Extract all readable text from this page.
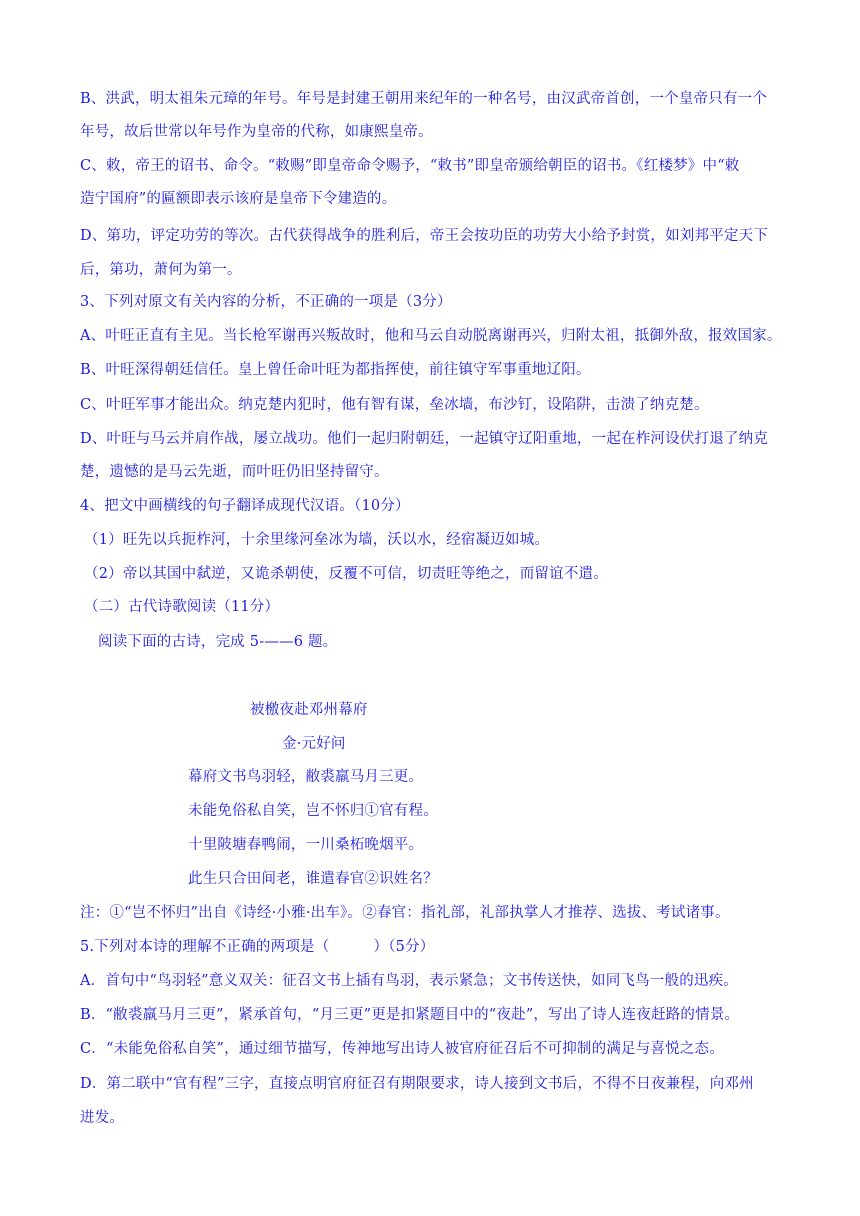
B、洪武，明太祖朱元璋的年号。年号是封建王朝用来纪年的一种名号，由汉武帝首创，一个皇帝只有一个
年号，故后世常以年号作为皇帝的代称，如康熙皇帝。
C、敕，帝王的诏书、命令。“敕赐”即皇帝命令赐予，“敕书”即皇帝颁给朝臣的诏书。《红楼梦》中“敕
造宁国府”的匾额即表示该府是皇帝下令建造的。
D、第功，评定功劳的等次。古代获得战争的胜利后，帝王会按功臣的功劳大小给予封赏，如刘邦平定天下
后，第功，萧何为第一。
3、下列对原文有关内容的分析，不正确的一项是（3分）
A、叶旺正直有主见。当长枪军谢再兴叛故时，他和马云自动脱离谢再兴，归附太祖，抵御外敌，报效国家。
B、叶旺深得朝廷信任。皇上曾任命叶旺为都指挥使，前往镇守军事重地辽阳。
C、叶旺军事才能出众。纳克楚内犯时，他有智有谋，垒冰墙，布沙钉，设陷阱，击溃了纳克楚。
D、叶旺与马云并肩作战，屡立战功。他们一起归附朝廷，一起镇守辽阳重地，一起在柞河设伏打退了纳克
楚，遗憾的是马云先逝，而叶旺仍旧坚持留守。
4、把文中画横线的句子翻译成现代汉语。（10分）
（1）旺先以兵扼柞河，十余里缘河垒冰为墙，沃以水，经宿凝迈如城。
（2）帝以其国中弑逆，又诡杀朝使，反覆不可信，切责旺等绝之，而留谊不遣。
（二）古代诗歌阅读（11分）
阅读下面的古诗，完成 5-——6 题。
被檄夜赴邓州幕府
金·元好问
幕府文书鸟羽轻，敝裘羸马月三更。
未能免俗私自笑，岂不怀归①官有程。
十里陂塘春鸭闹，一川桑柘晚烟平。
此生只合田间老，谁遣春官②识姓名？
注：①“岂不怀归”出自《诗经·小雅·出车》。②春官：指礼部，礼部执掌人才推荐、选拔、考试诸事。
5.下列对本诗的理解不正确的两项是（　　　）（5分）
A．首句中“鸟羽轻”意义双关：征召文书上插有鸟羽，表示紧急；文书传送快，如同飞鸟一般的迅疾。
B．“敝裘羸马月三更”，紧承首句，“月三更”更是扣紧题目中的“夜赴”，写出了诗人连夜赶路的情景。
C．“未能免俗私自笑”，通过细节描写，传神地写出诗人被官府征召后不可抑制的满足与喜悦之态。
D．第二联中“官有程”三字，直接点明官府征召有期限要求，诗人接到文书后，不得不日夜兼程，向邓州
进发。
